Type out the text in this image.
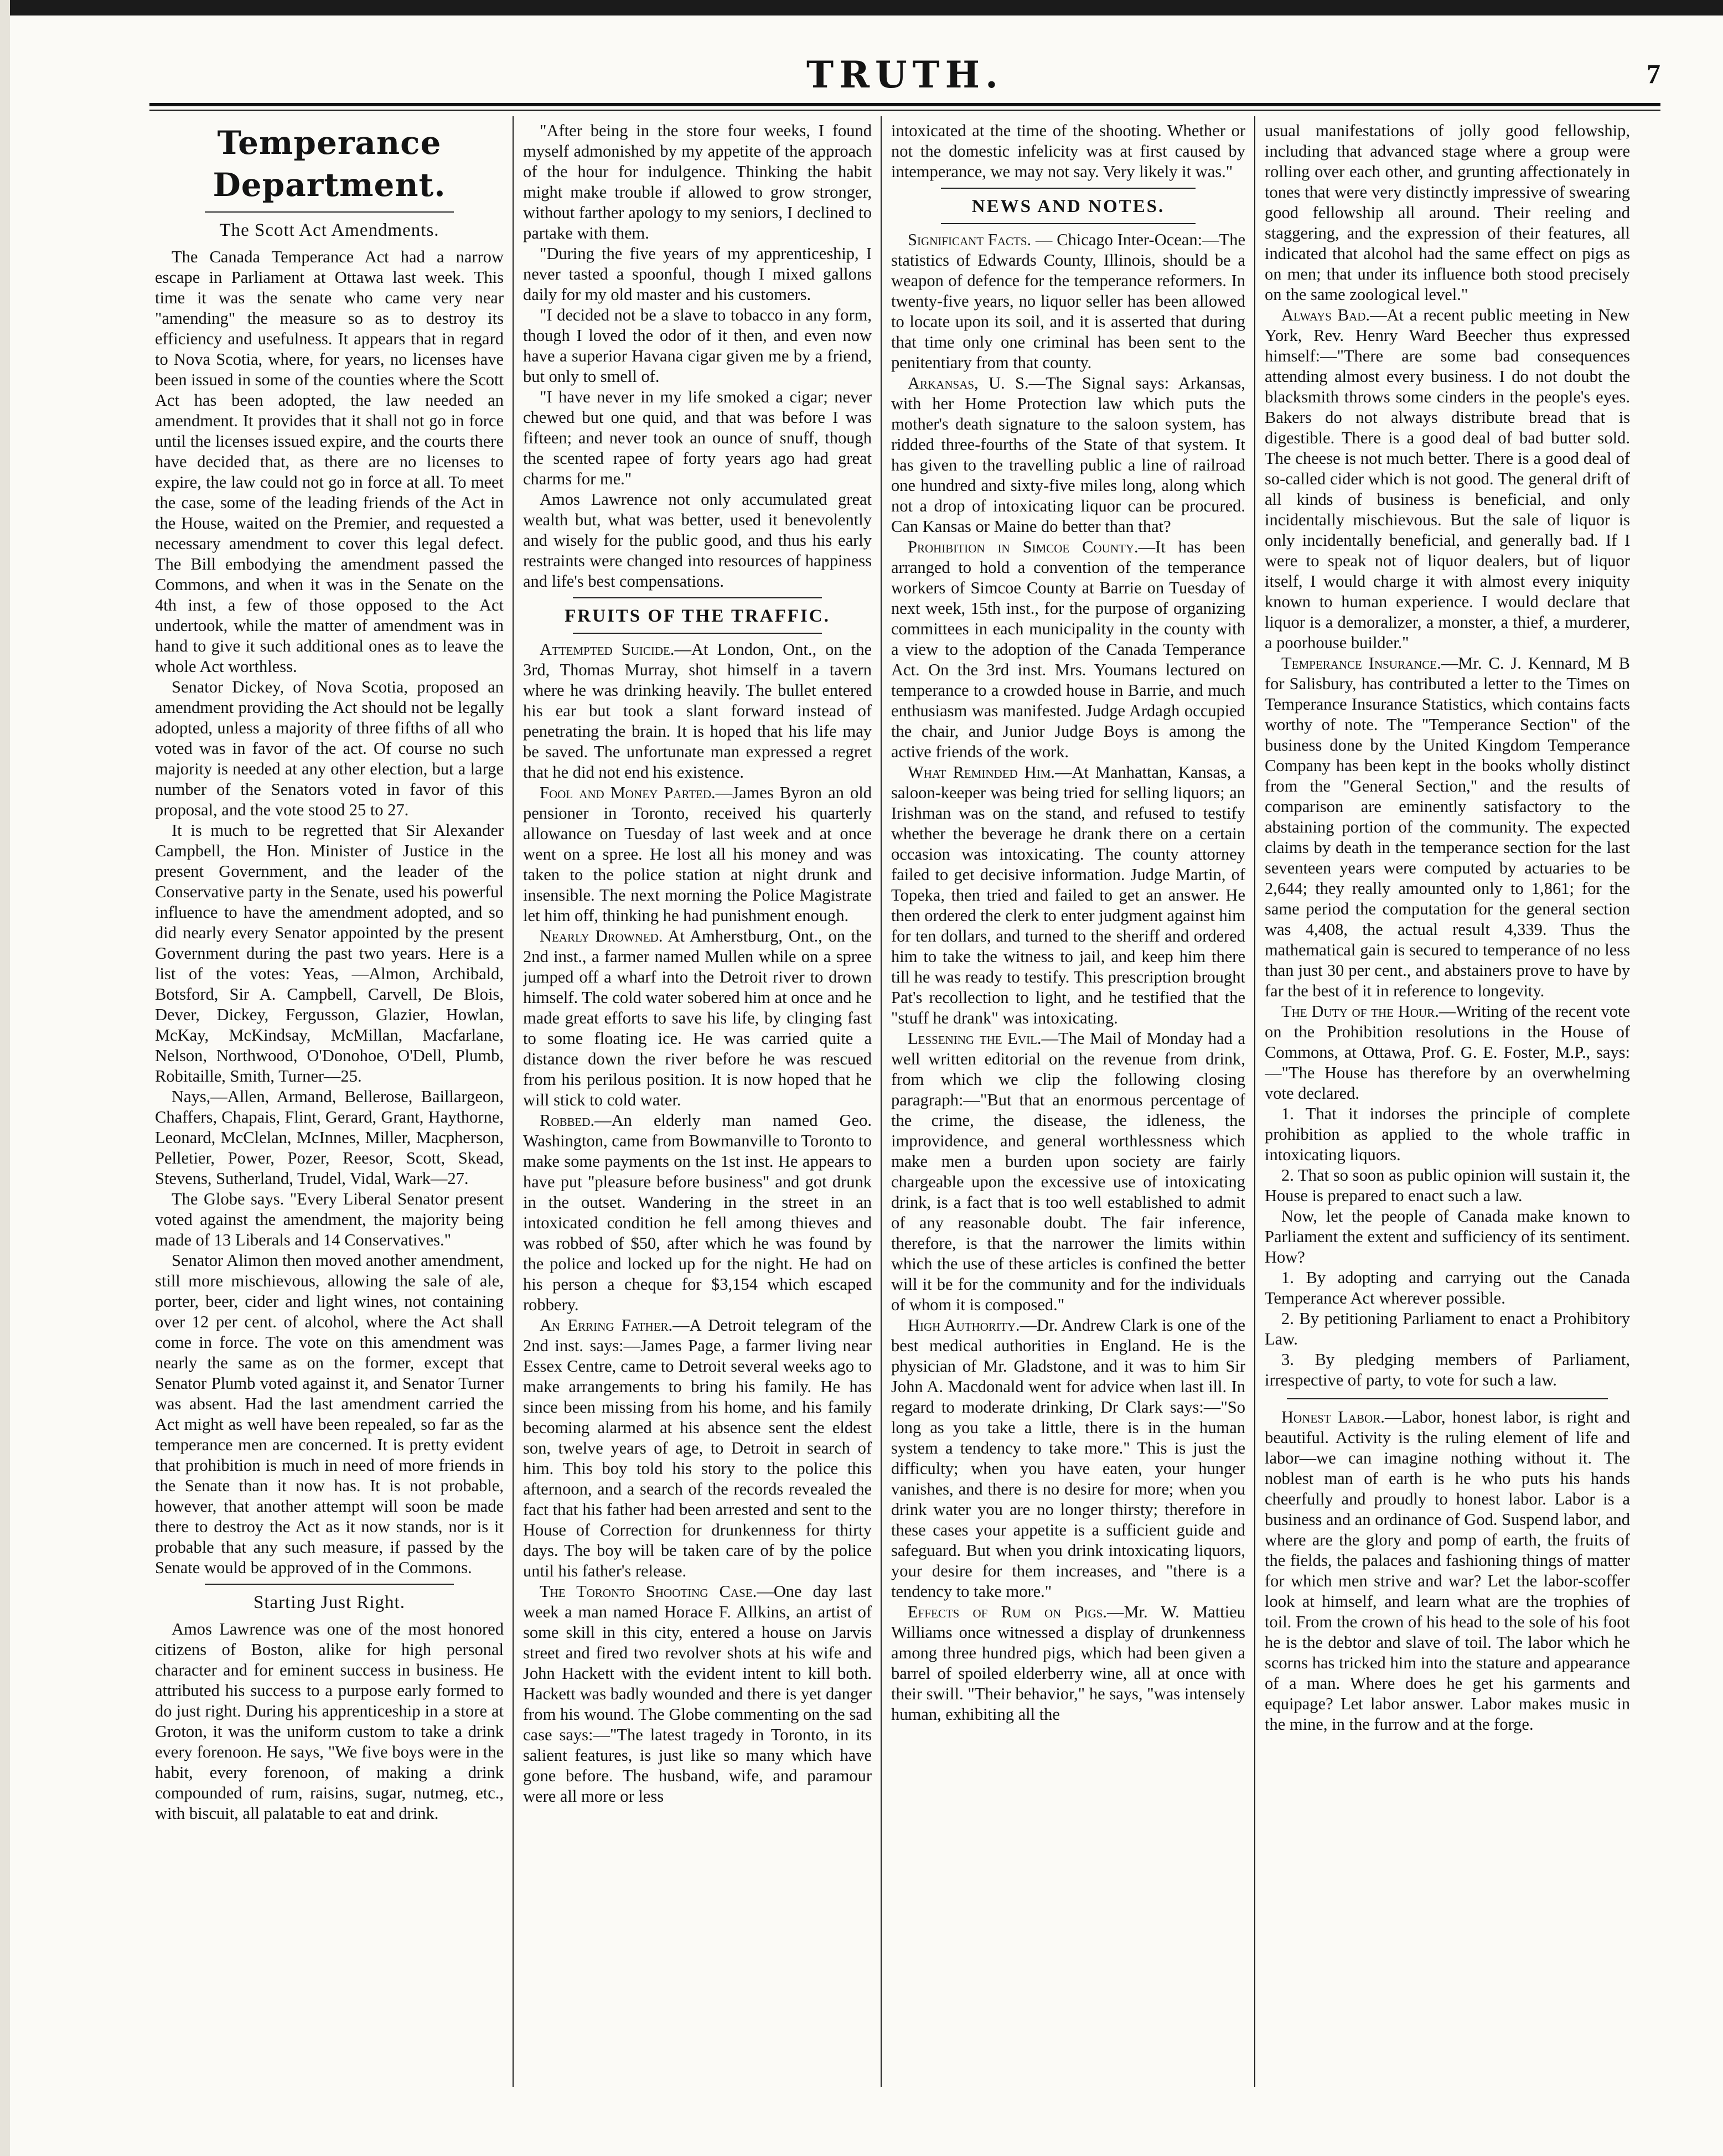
TRUTH.	7
Temperance Department.
The Scott Act Amendments.

The Canada Temperance Act had a narrow escape in Parliament at Ottawa last week. This time it was the senate who came very near "amending" the measure so as to destroy its efficiency and usefulness. It appears that in regard to Nova Scotia, where, for years, no licenses have been issued in some of the counties where the Scott Act has been adopted, the law needed an amendment. It provides that it shall not go in force until the licenses issued expire, and the courts there have decided that, as there are no licenses to expire, the law could not go in force at all. To meet the case, some of the leading friends of the Act in the House, waited on the Premier, and requested a necessary amendment to cover this legal defect. The Bill embodying the amendment passed the Commons, and when it was in the Senate on the 4th inst, a few of those opposed to the Act undertook, while the matter of amendment was in hand to give it such additional ones as to leave the whole Act worthless.

Senator Dickey, of Nova Scotia, proposed an amendment providing the Act should not be legally adopted, unless a majority of three fifths of all who voted was in favor of the act. Of course no such majority is needed at any other election, but a large number of the Senators voted in favor of this proposal, and the vote stood 25 to 27.

It is much to be regretted that Sir Alexander Campbell, the Hon. Minister of Justice in the present Government, and the leader of the Conservative party in the Senate, used his powerful influence to have the amendment adopted, and so did nearly every Senator appointed by the present Government during the past two years. Here is a list of the votes: Yeas, —Almon, Archibald, Botsford, Sir A. Campbell, Carvell, De Blois, Dever, Dickey, Fergusson, Glazier, Howlan, McKay, McKindsay, McMillan, Macfarlane, Nelson, Northwood, O'Donohoe, O'Dell, Plumb, Robitaille, Smith, Turner—25.

Nays,—Allen, Armand, Bellerose, Baillargeon, Chaffers, Chapais, Flint, Gerard, Grant, Haythorne, Leonard, McClelan, McInnes, Miller, Macpherson, Pelletier, Power, Pozer, Reesor, Scott, Skead, Stevens, Sutherland, Trudel, Vidal, Wark—27.

The Globe says. "Every Liberal Senator present voted against the amendment, the majority being made of 13 Liberals and 14 Conservatives."

Senator Alimon then moved another amendment, still more mischievous, allowing the sale of ale, porter, beer, cider and light wines, not containing over 12 per cent. of alcohol, where the Act shall come in force. The vote on this amendment was nearly the same as on the former, except that Senator Plumb voted against it, and Senator Turner was absent. Had the last amendment carried the Act might as well have been repealed, so far as the temperance men are concerned. It is pretty evident that prohibition is much in need of more friends in the Senate than it now has. It is not probable, however, that another attempt will soon be made there to destroy the Act as it now stands, nor is it probable that any such measure, if passed by the Senate would be approved of in the Commons.

Starting Just Right.

Amos Lawrence was one of the most honored citizens of Boston, alike for high personal character and for eminent success in business. He attributed his success to a purpose early formed to do just right. During his apprenticeship in a store at Groton, it was the uniform custom to take a drink every forenoon. He says, "We five boys were in the habit, every forenoon, of making a drink compounded of rum, raisins, sugar, nutmeg, etc., with biscuit, all palatable to eat and drink.

"After being in the store four weeks, I found myself admonished by my appetite of the approach of the hour for indulgence. Thinking the habit might make trouble if allowed to grow stronger, without farther apology to my seniors, I declined to partake with them.

"During the five years of my apprenticeship, I never tasted a spoonful, though I mixed gallons daily for my old master and his customers.

"I decided not be a slave to tobacco in any form, though I loved the odor of it then, and even now have a superior Havana cigar given me by a friend, but only to smell of.

"I have never in my life smoked a cigar; never chewed but one quid, and that was before I was fifteen; and never took an ounce of snuff, though the scented rapee of forty years ago had great charms for me."

Amos Lawrence not only accumulated great wealth but, what was better, used it benevolently and wisely for the public good, and thus his early restraints were changed into resources of happiness and life's best compensations.

FRUITS OF THE TRAFFIC.

Attempted Suicide.—At London, Ont., on the 3rd, Thomas Murray, shot himself in a tavern where he was drinking heavily. The bullet entered his ear but took a slant forward instead of penetrating the brain. It is hoped that his life may be saved. The unfortunate man expressed a regret that he did not end his existence.

Fool and Money Parted.—James Byron an old pensioner in Toronto, received his quarterly allowance on Tuesday of last week and at once went on a spree. He lost all his money and was taken to the police station at night drunk and insensible. The next morning the Police Magistrate let him off, thinking he had punishment enough.

Nearly Drowned. At Amherstburg, Ont., on the 2nd inst., a farmer named Mullen while on a spree jumped off a wharf into the Detroit river to drown himself. The cold water sobered him at once and he made great efforts to save his life, by clinging fast to some floating ice. He was carried quite a distance down the river before he was rescued from his perilous position. It is now hoped that he will stick to cold water.

Robbed.—An elderly man named Geo. Washington, came from Bowmanville to Toronto to make some payments on the 1st inst. He appears to have put "pleasure before business" and got drunk in the outset. Wandering in the street in an intoxicated condition he fell among thieves and was robbed of $50, after which he was found by the police and locked up for the night. He had on his person a cheque for $3,154 which escaped robbery.

An Erring Father.—A Detroit telegram of the 2nd inst. says:—James Page, a farmer living near Essex Centre, came to Detroit several weeks ago to make arrangements to bring his family. He has since been missing from his home, and his family becoming alarmed at his absence sent the eldest son, twelve years of age, to Detroit in search of him. This boy told his story to the police this afternoon, and a search of the records revealed the fact that his father had been arrested and sent to the House of Correction for drunkenness for thirty days. The boy will be taken care of by the police until his father's release.

The Toronto Shooting Case.—One day last week a man named Horace F. Allkins, an artist of some skill in this city, entered a house on Jarvis street and fired two revolver shots at his wife and John Hackett with the evident intent to kill both. Hackett was badly wounded and there is yet danger from his wound. The Globe commenting on the sad case says:—"The latest tragedy in Toronto, in its salient features, is just like so many which have gone before. The husband, wife, and paramour were all more or less

intoxicated at the time of the shooting. Whether or not the domestic infelicity was at first caused by intemperance, we may not say. Very likely it was."

NEWS AND NOTES.

Significant Facts. — Chicago Inter-Ocean:—The statistics of Edwards County, Illinois, should be a weapon of defence for the temperance reformers. In twenty-five years, no liquor seller has been allowed to locate upon its soil, and it is asserted that during that time only one criminal has been sent to the penitentiary from that county.

Arkansas, U. S.—The Signal says: Arkansas, with her Home Protection law which puts the mother's death signature to the saloon system, has ridded three-fourths of the State of that system. It has given to the travelling public a line of railroad one hundred and sixty-five miles long, along which not a drop of intoxicating liquor can be procured. Can Kansas or Maine do better than that?

Prohibition in Simcoe County.—It has been arranged to hold a convention of the temperance workers of Simcoe County at Barrie on Tuesday of next week, 15th inst., for the purpose of organizing committees in each municipality in the county with a view to the adoption of the Canada Temperance Act. On the 3rd inst. Mrs. Youmans lectured on temperance to a crowded house in Barrie, and much enthusiasm was manifested. Judge Ardagh occupied the chair, and Junior Judge Boys is among the active friends of the work.

What Reminded Him.—At Manhattan, Kansas, a saloon-keeper was being tried for selling liquors; an Irishman was on the stand, and refused to testify whether the beverage he drank there on a certain occasion was intoxicating. The county attorney failed to get decisive information. Judge Martin, of Topeka, then tried and failed to get an answer. He then ordered the clerk to enter judgment against him for ten dollars, and turned to the sheriff and ordered him to take the witness to jail, and keep him there till he was ready to testify. This prescription brought Pat's recollection to light, and he testified that the "stuff he drank" was intoxicating.

Lessening the Evil.—The Mail of Monday had a well written editorial on the revenue from drink, from which we clip the following closing paragraph:—"But that an enormous percentage of the crime, the disease, the idleness, the improvidence, and general worthlessness which make men a burden upon society are fairly chargeable upon the excessive use of intoxicating drink, is a fact that is too well established to admit of any reasonable doubt. The fair inference, therefore, is that the narrower the limits within which the use of these articles is confined the better will it be for the community and for the individuals of whom it is composed."

High Authority.—Dr. Andrew Clark is one of the best medical authorities in England. He is the physician of Mr. Gladstone, and it was to him Sir John A. Macdonald went for advice when last ill. In regard to moderate drinking, Dr Clark says:—"So long as you take a little, there is in the human system a tendency to take more." This is just the difficulty; when you have eaten, your hunger vanishes, and there is no desire for more; when you drink water you are no longer thirsty; therefore in these cases your appetite is a sufficient guide and safeguard. But when you drink intoxicating liquors, your desire for them increases, and "there is a tendency to take more."

Effects of Rum on Pigs.—Mr. W. Mattieu Williams once witnessed a display of drunkenness among three hundred pigs, which had been given a barrel of spoiled elderberry wine, all at once with their swill. "Their behavior," he says, "was intensely human, exhibiting all the

usual manifestations of jolly good fellowship, including that advanced stage where a group were rolling over each other, and grunting affectionately in tones that were very distinctly impressive of swearing good fellowship all around. Their reeling and staggering, and the expression of their features, all indicated that alcohol had the same effect on pigs as on men; that under its influence both stood precisely on the same zoological level."

Always Bad.—At a recent public meeting in New York, Rev. Henry Ward Beecher thus expressed himself:—"There are some bad consequences attending almost every business. I do not doubt the blacksmith throws some cinders in the people's eyes. Bakers do not always distribute bread that is digestible. There is a good deal of bad butter sold. The cheese is not much better. There is a good deal of so-called cider which is not good. The general drift of all kinds of business is beneficial, and only incidentally mischievous. But the sale of liquor is only incidentally beneficial, and generally bad. If I were to speak not of liquor dealers, but of liquor itself, I would charge it with almost every iniquity known to human experience. I would declare that liquor is a demoralizer, a monster, a thief, a murderer, a poorhouse builder."

Temperance Insurance.—Mr. C. J. Kennard, M B for Salisbury, has contributed a letter to the Times on Temperance Insurance Statistics, which contains facts worthy of note. The "Temperance Section" of the business done by the United Kingdom Temperance Company has been kept in the books wholly distinct from the "General Section," and the results of comparison are eminently satisfactory to the abstaining portion of the community. The expected claims by death in the temperance section for the last seventeen years were computed by actuaries to be 2,644; they really amounted only to 1,861; for the same period the computation for the general section was 4,408, the actual result 4,339. Thus the mathematical gain is secured to temperance of no less than just 30 per cent., and abstainers prove to have by far the best of it in reference to longevity.

The Duty of the Hour.—Writing of the recent vote on the Prohibition resolutions in the House of Commons, at Ottawa, Prof. G. E. Foster, M.P., says:—"The House has therefore by an overwhelming vote declared.

1. That it indorses the principle of complete prohibition as applied to the whole traffic in intoxicating liquors.

2. That so soon as public opinion will sustain it, the House is prepared to enact such a law.

Now, let the people of Canada make known to Parliament the extent and sufficiency of its sentiment. How?

1. By adopting and carrying out the Canada Temperance Act wherever possible.

2. By petitioning Parliament to enact a Prohibitory Law.

3. By pledging members of Parliament, irrespective of party, to vote for such a law.

Honest Labor.—Labor, honest labor, is right and beautiful. Activity is the ruling element of life and labor—we can imagine nothing without it. The noblest man of earth is he who puts his hands cheerfully and proudly to honest labor. Labor is a business and an ordinance of God. Suspend labor, and where are the glory and pomp of earth, the fruits of the fields, the palaces and fashioning things of matter for which men strive and war? Let the labor-scoffer look at himself, and learn what are the trophies of toil. From the crown of his head to the sole of his foot he is the debtor and slave of toil. The labor which he scorns has tricked him into the stature and appearance of a man. Where does he get his garments and equipage? Let labor answer. Labor makes music in the mine, in the furrow and at the forge.
